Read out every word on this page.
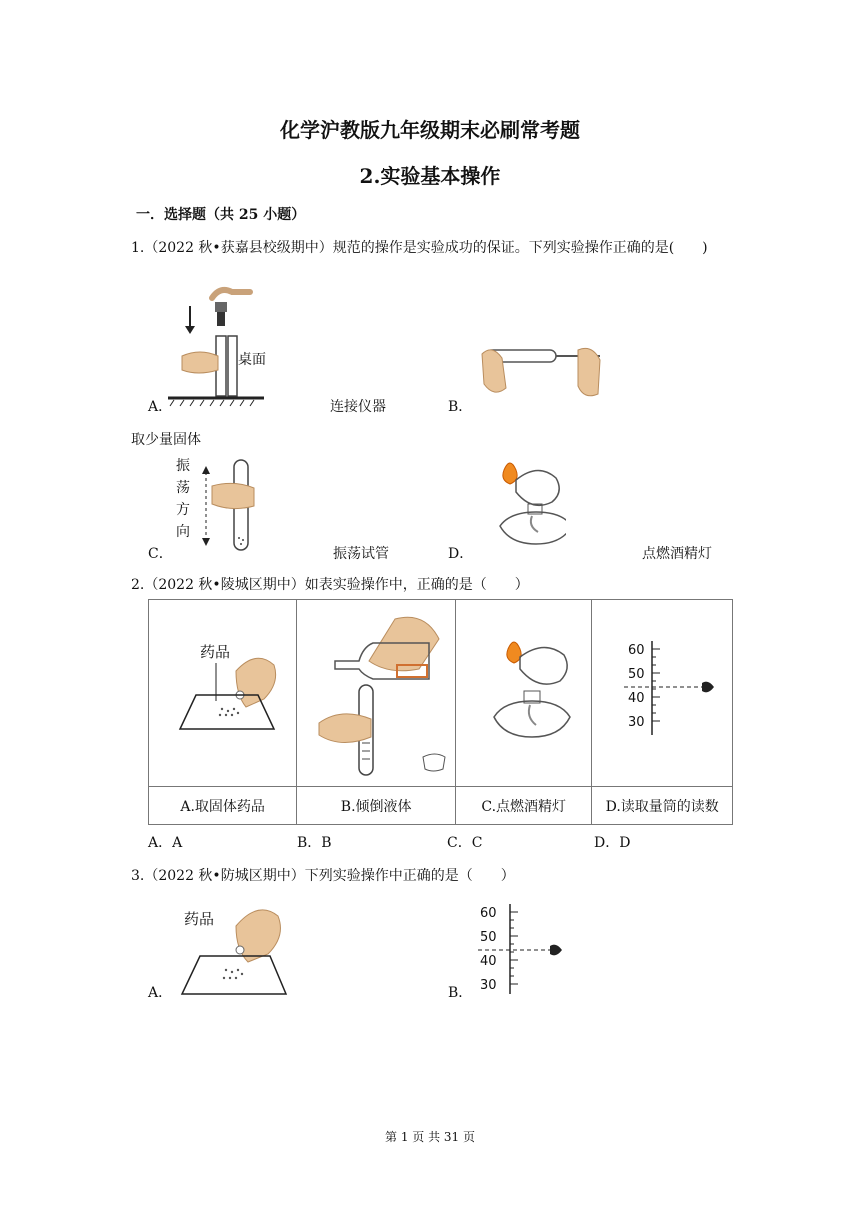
化学沪教版九年级期末必刷常考题
2.实验基本操作
一．选择题（共 25 小题）
1.（2022 秋•获嘉县校级期中）规范的操作是实验成功的保证。下列实验操作正确的是(　　)
桌面
A．	连接仪器	B．
取少量固体
振
荡
方
向
C．	振荡试管	D．	点燃酒精灯
2.（2022 秋•陵城区期中）如表实验操作中，正确的是（　　）
药品			60
50
40
30

A.取固体药品	B.倾倒液体	C.点燃酒精灯	D.读取量筒的读数
A．A	B．B	C．C	D．D
3.（2022 秋•防城区期中）下列实验操作中正确的是（　　）
药品
A．
60
50
40
30
B．
第 1 页 共 31 页
